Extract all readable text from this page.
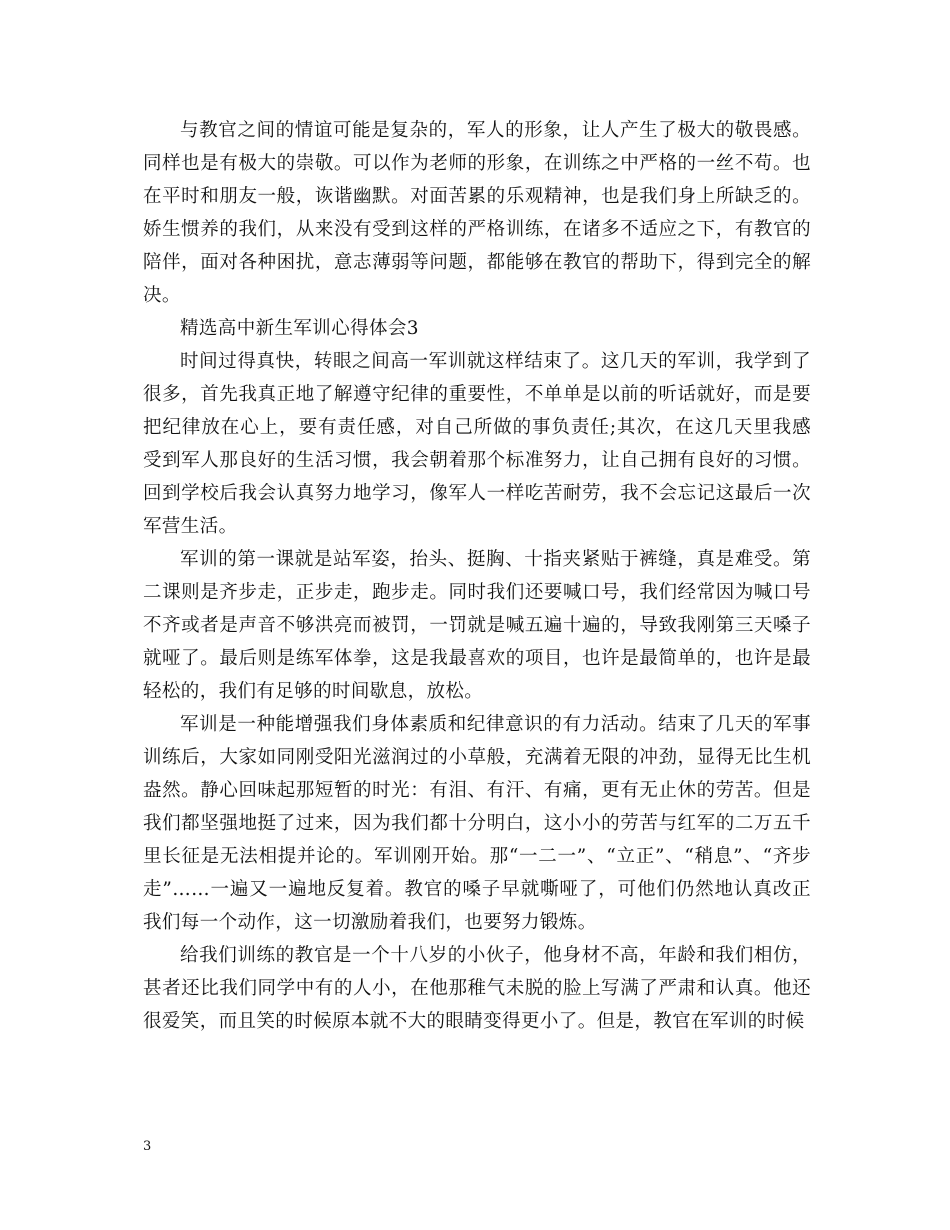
与教官之间的情谊可能是复杂的，军人的形象，让人产生了极大的敬畏感。同样也是有极大的崇敬。可以作为老师的形象，在训练之中严格的一丝不苟。也在平时和朋友一般，诙谐幽默。对面苦累的乐观精神，也是我们身上所缺乏的。娇生惯养的我们，从来没有受到这样的严格训练，在诸多不适应之下，有教官的陪伴，面对各种困扰，意志薄弱等问题，都能够在教官的帮助下，得到完全的解决。

精选高中新生军训心得体会3

时间过得真快，转眼之间高一军训就这样结束了。这几天的军训，我学到了很多，首先我真正地了解遵守纪律的重要性，不单单是以前的听话就好，而是要把纪律放在心上，要有责任感，对自己所做的事负责任;其次，在这几天里我感受到军人那良好的生活习惯，我会朝着那个标准努力，让自己拥有良好的习惯。回到学校后我会认真努力地学习，像军人一样吃苦耐劳，我不会忘记这最后一次军营生活。

军训的第一课就是站军姿，抬头、挺胸、十指夹紧贴于裤缝，真是难受。第二课则是齐步走，正步走，跑步走。同时我们还要喊口号，我们经常因为喊口号不齐或者是声音不够洪亮而被罚，一罚就是喊五遍十遍的，导致我刚第三天嗓子就哑了。最后则是练军体拳，这是我最喜欢的项目，也许是最简单的，也许是最轻松的，我们有足够的时间歇息，放松。

军训是一种能增强我们身体素质和纪律意识的有力活动。结束了几天的军事训练后，大家如同刚受阳光滋润过的小草般，充满着无限的冲劲，显得无比生机盎然。静心回味起那短暂的时光：有泪、有汗、有痛，更有无止休的劳苦。但是我们都坚强地挺了过来，因为我们都十分明白，这小小的劳苦与红军的二万五千里长征是无法相提并论的。军训刚开始。那“一二一”、“立正”、“稍息”、“齐步走”……一遍又一遍地反复着。教官的嗓子早就嘶哑了，可他们仍然地认真改正我们每一个动作，这一切激励着我们，也要努力锻炼。

给我们训练的教官是一个十八岁的小伙子，他身材不高，年龄和我们相仿，甚者还比我们同学中有的人小，在他那稚气未脱的脸上写满了严肃和认真。他还很爱笑，而且笑的时候原本就不大的眼睛变得更小了。但是，教官在军训的时候

3
